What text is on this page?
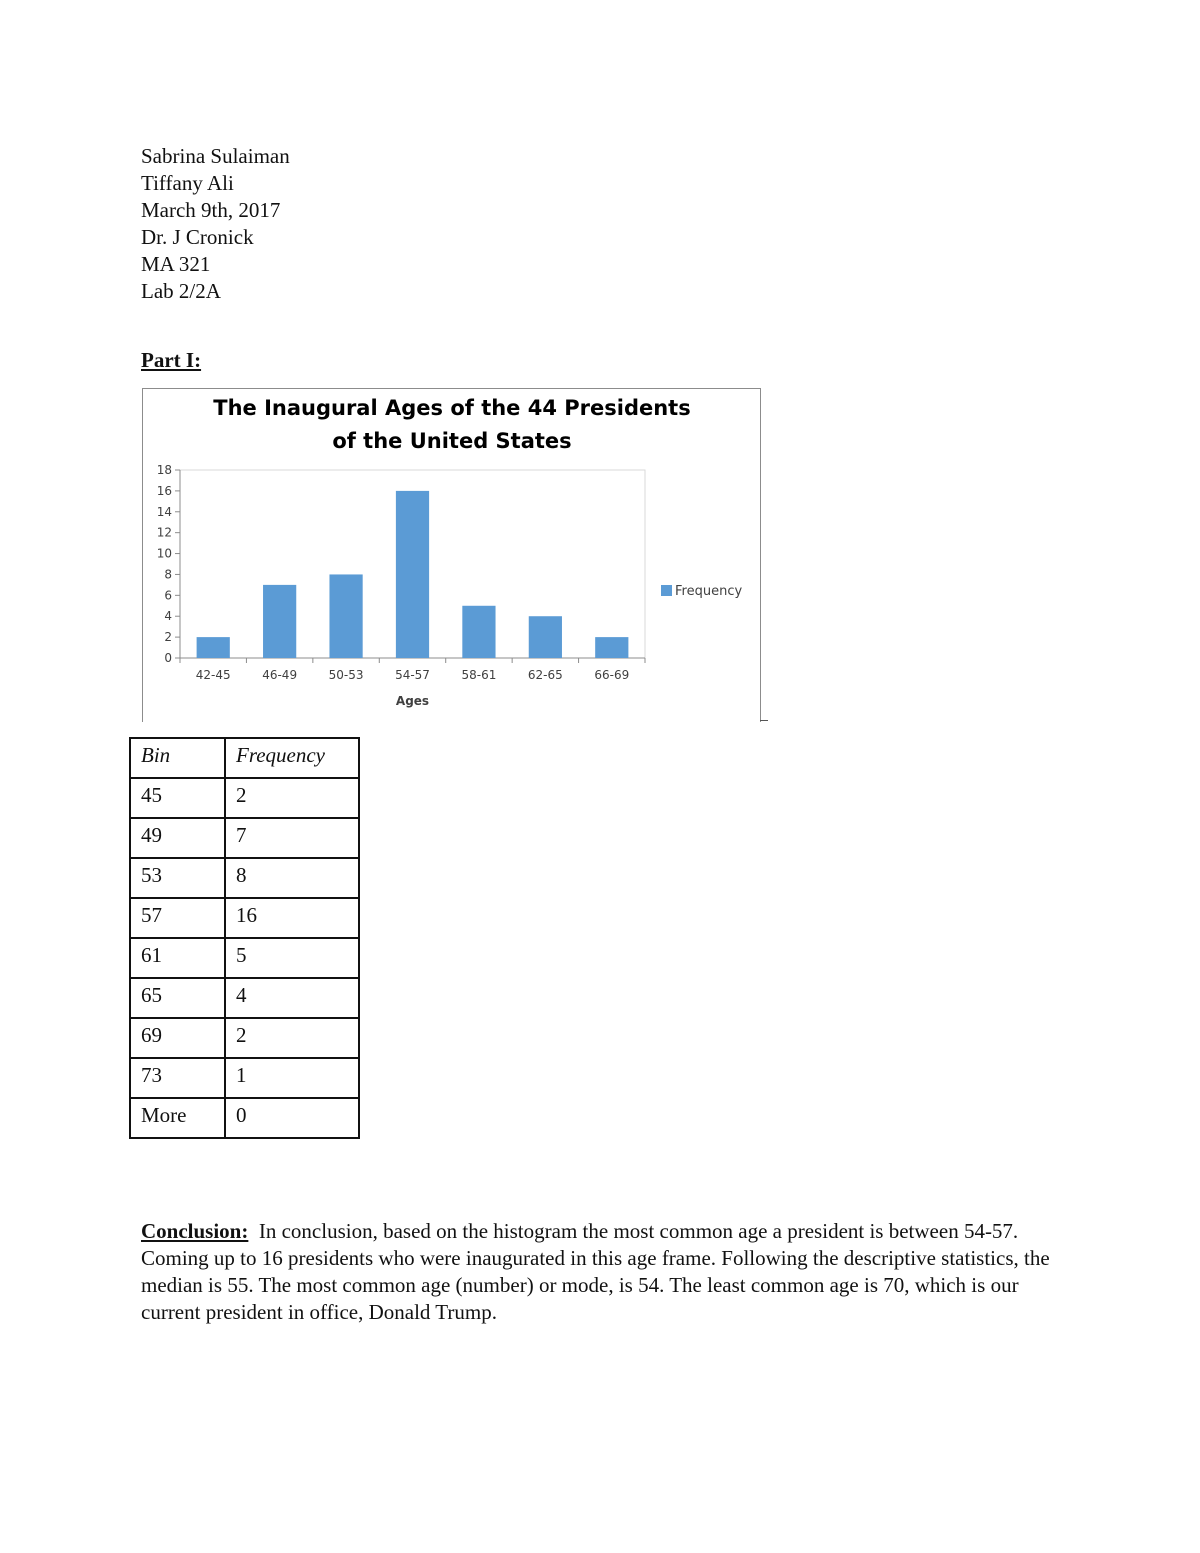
Sabrina Sulaiman
Tiffany Ali
March 9th, 2017
Dr. J Cronick
MA 321
Lab 2/2A
Part I:
The Inaugural Ages of the 44 Presidents
of the United States
0
2
4
6
8
10
12
14
16
18
42-45	46-49	50-53	54-57	58-61	62-65	66-69
Ages
Frequency
Bin	Frequency
45	2
49	7
53	8
57	16
61	5
65	4
69	2
73	1
More	0
Conclusion: In conclusion, based on the histogram the most common age a president is between 54-57. Coming up to 16 presidents who were inaugurated in this age frame. Following the descriptive statistics, the median is 55. The most common age (number) or mode, is 54. The least common age is 70, which is our current president in office, Donald Trump.
